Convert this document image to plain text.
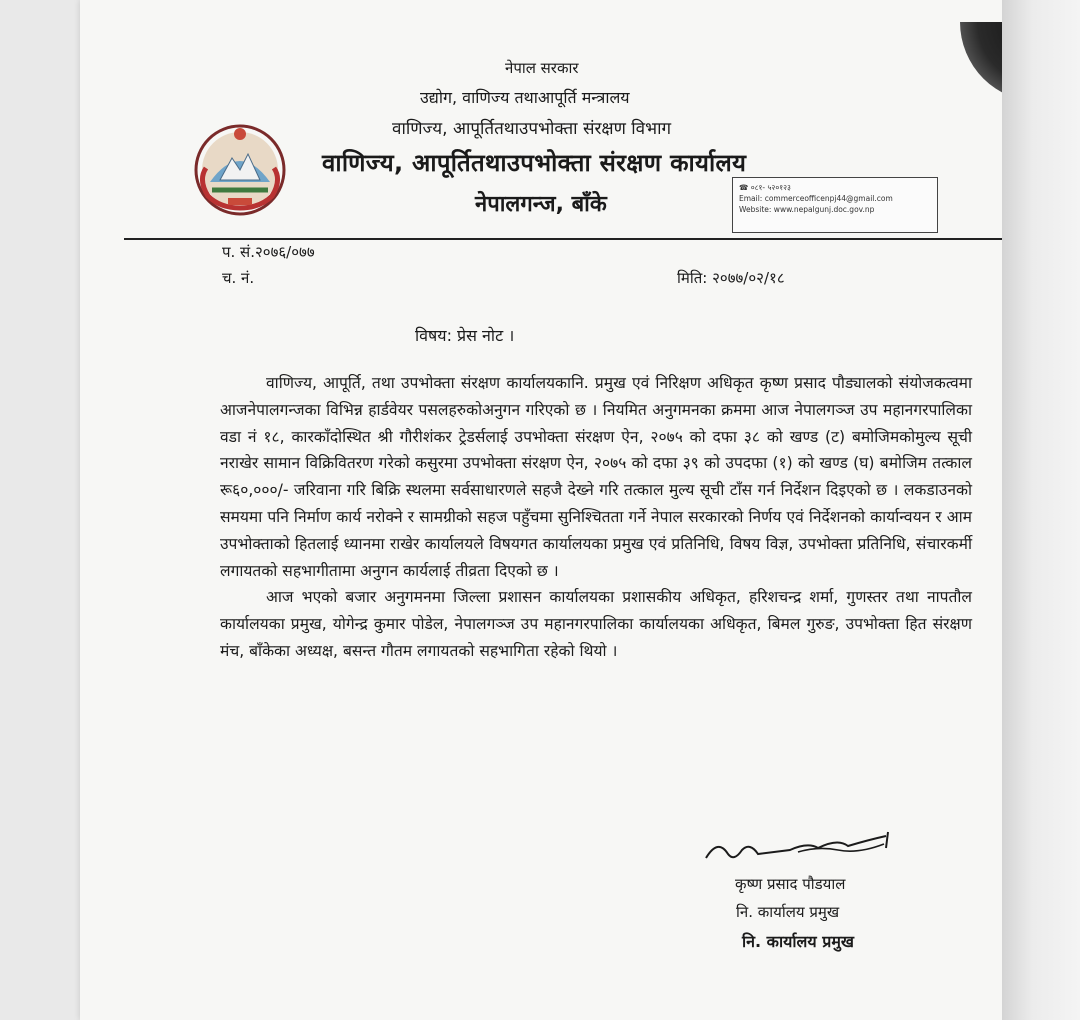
नेपाल सरकार
उद्योग, वाणिज्य तथाआपूर्ति मन्त्रालय
वाणिज्य, आपूर्तितथाउपभोक्ता संरक्षण विभाग
वाणिज्य, आपूर्तितथाउपभोक्ता संरक्षण कार्यालय
नेपालगन्ज, बाँके
☎ ०८१- ५२०१२३
Email: commerceofficenpj44@gmail.com
Website: www.nepalgunj.doc.gov.np
प. सं.२०७६/०७७
च. नं.	मिति: २०७७/०२/१८
विषय: प्रेस नोट ।

वाणिज्य, आपूर्ति, तथा उपभोक्ता संरक्षण कार्यालयकानि. प्रमुख एवं निरिक्षण अधिकृत कृष्ण प्रसाद पौड्यालको संयोजकत्वमा आजनेपालगन्जका विभिन्न हार्डवेयर पसलहरुकोअनुगन गरिएको छ । नियमित अनुगमनका क्रममा आज नेपालगञ्ज उप महानगरपालिका वडा नं १८, कारकाँदोस्थित श्री गौरीशंकर ट्रेडर्सलाई उपभोक्ता संरक्षण ऐन, २०७५ को दफा ३८ को खण्ड (ट) बमोजिमकोमुल्य सूची नराखेर सामान विक्रिवितरण गरेको कसुरमा उपभोक्ता संरक्षण ऐन, २०७५ को दफा ३९ को उपदफा (१) को खण्ड (घ) बमोजिम तत्काल रू६०,०००/- जरिवाना गरि बिक्रि स्थलमा सर्वसाधारणले सहजै देख्ने गरि तत्काल मुल्य सूची टाँस गर्न निर्देशन दिइएको छ । लकडाउनको समयमा पनि निर्माण कार्य नरोक्ने र सामग्रीको सहज पहुँचमा सुनिश्चितता गर्ने नेपाल सरकारको निर्णय एवं निर्देशनको कार्यान्वयन र आम उपभोक्ताको हितलाई ध्यानमा राखेर कार्यालयले विषयगत कार्यालयका प्रमुख एवं प्रतिनिधि, विषय विज्ञ, उपभोक्ता प्रतिनिधि, संचारकर्मी लगायतको सहभागीतामा अनुगन कार्यलाई तीव्रता दिएको छ ।

आज भएको बजार अनुगमनमा जिल्ला प्रशासन कार्यालयका प्रशासकीय अधिकृत, हरिशचन्द्र शर्मा, गुणस्तर तथा नापतौल कार्यालयका प्रमुख, योगेन्द्र कुमार पोडेल, नेपालगञ्ज उप महानगरपालिका कार्यालयका अधिकृत, बिमल गुरुङ, उपभोक्ता हित संरक्षण मंच, बाँकेका अध्यक्ष, बसन्त गौतम लगायतको सहभागिता रहेको थियो ।

कृष्ण प्रसाद पौडयाल
नि. कार्यालय प्रमुख
नि. कार्यालय प्रमुख
